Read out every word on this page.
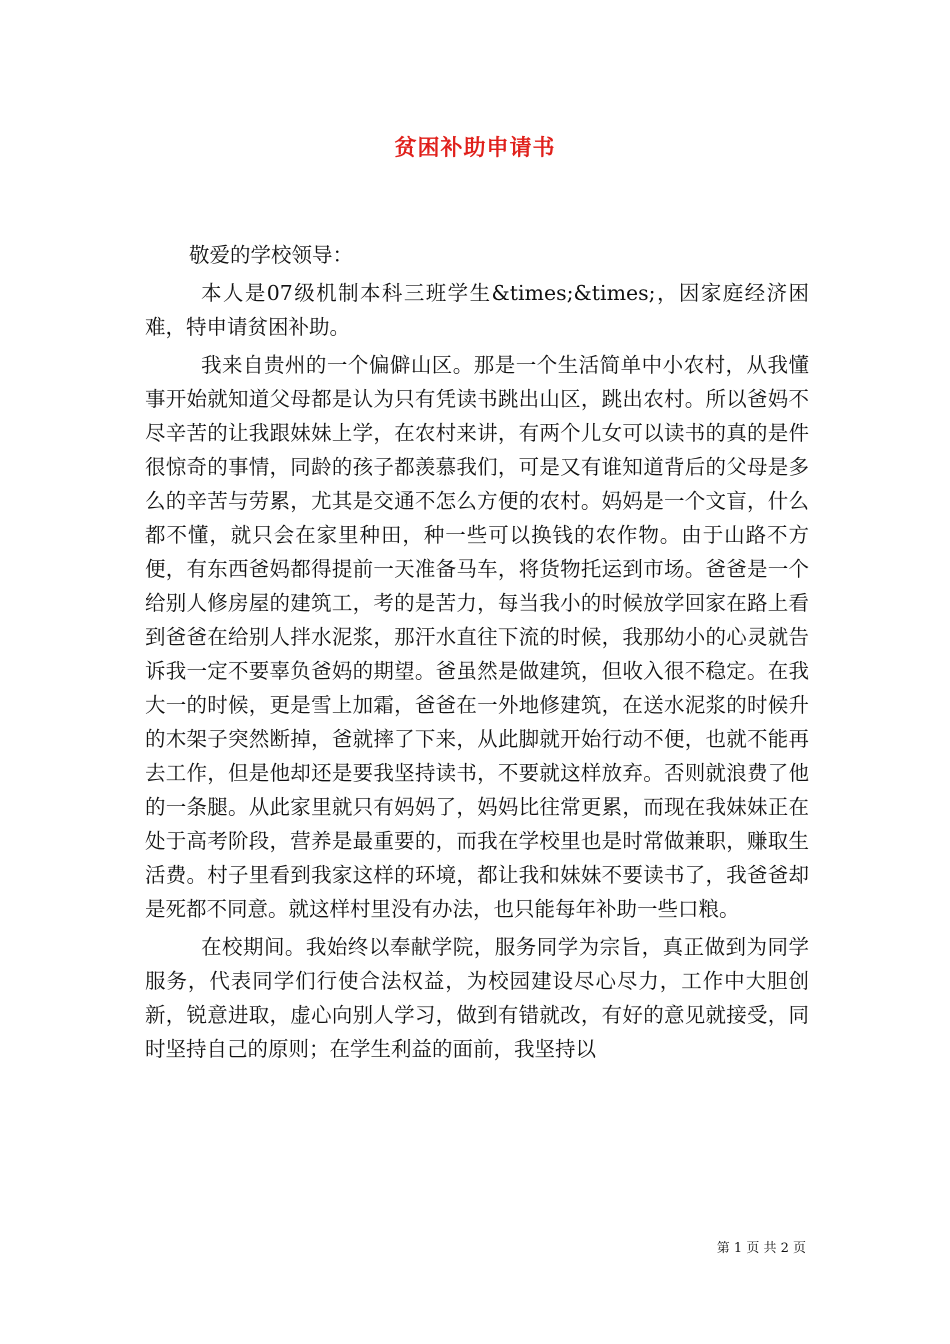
贫困补助申请书

敬爱的学校领导：

本人是07级机制本科三班学生&times;&times;，因家庭经济困难，特申请贫困补助。

我来自贵州的一个偏僻山区。那是一个生活简单中小农村，从我懂事开始就知道父母都是认为只有凭读书跳出山区，跳出农村。所以爸妈不尽辛苦的让我跟妹妹上学，在农村来讲，有两个儿女可以读书的真的是件很惊奇的事情，同龄的孩子都羡慕我们，可是又有谁知道背后的父母是多么的辛苦与劳累，尤其是交通不怎么方便的农村。妈妈是一个文盲，什么都不懂，就只会在家里种田，种一些可以换钱的农作物。由于山路不方便，有东西爸妈都得提前一天准备马车，将货物托运到市场。爸爸是一个给别人修房屋的建筑工，考的是苦力，每当我小的时候放学回家在路上看到爸爸在给别人拌水泥浆，那汗水直往下流的时候，我那幼小的心灵就告诉我一定不要辜负爸妈的期望。爸虽然是做建筑，但收入很不稳定。在我大一的时候，更是雪上加霜，爸爸在一外地修建筑，在送水泥浆的时候升的木架子突然断掉，爸就摔了下来，从此脚就开始行动不便，也就不能再去工作，但是他却还是要我坚持读书，不要就这样放弃。否则就浪费了他的一条腿。从此家里就只有妈妈了，妈妈比往常更累，而现在我妹妹正在处于高考阶段，营养是最重要的，而我在学校里也是时常做兼职，赚取生活费。村子里看到我家这样的环境，都让我和妹妹不要读书了，我爸爸却是死都不同意。就这样村里没有办法，也只能每年补助一些口粮。

在校期间。我始终以奉献学院，服务同学为宗旨，真正做到为同学服务，代表同学们行使合法权益，为校园建设尽心尽力，工作中大胆创新，锐意进取，虚心向别人学习，做到有错就改，有好的意见就接受，同时坚持自己的原则；在学生利益的面前，我坚持以

第 1 页 共 2 页
